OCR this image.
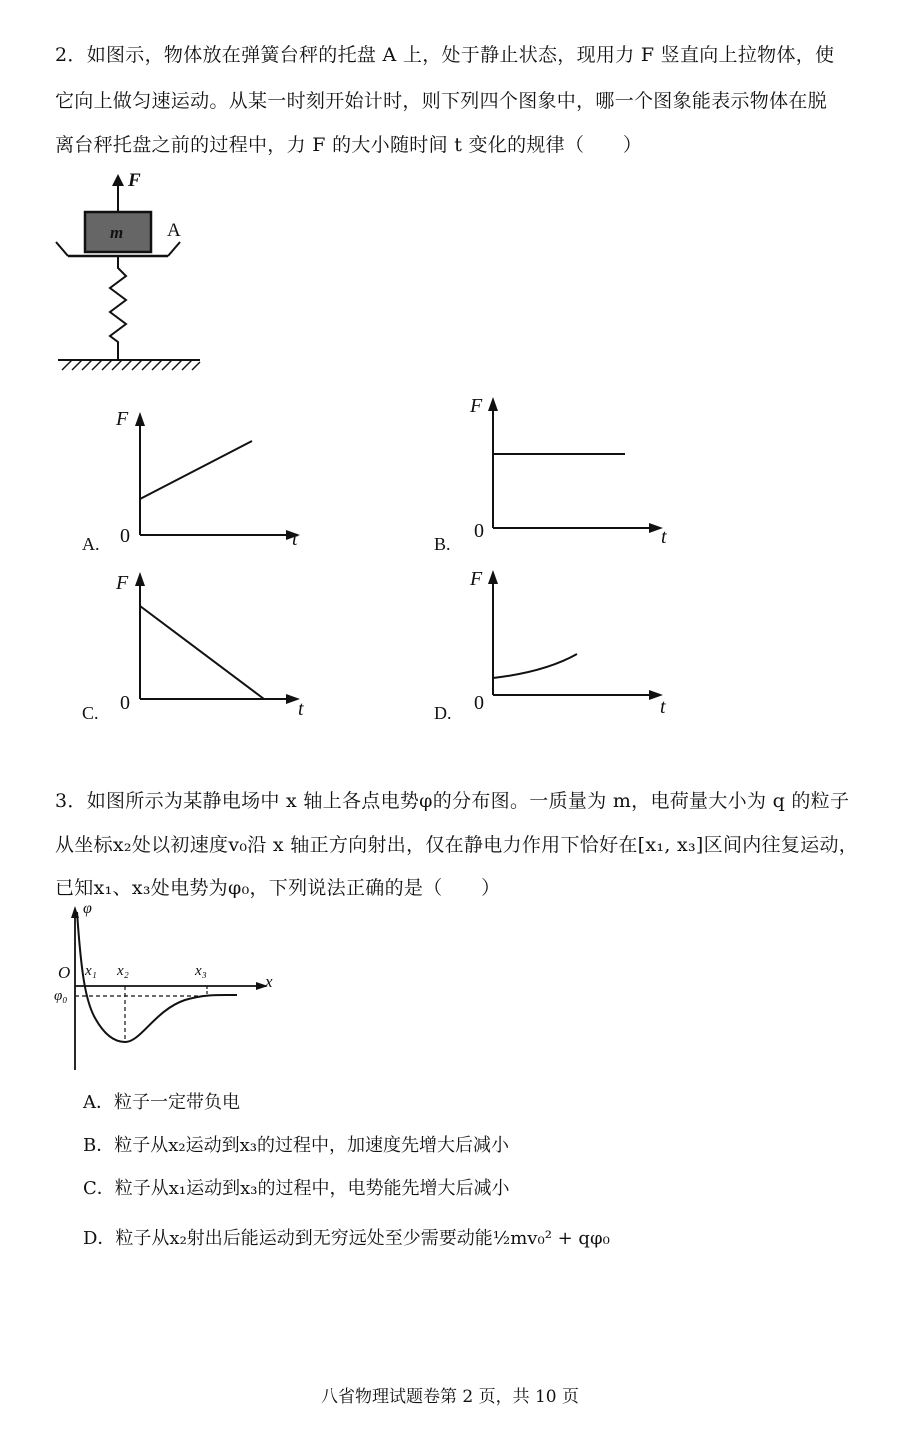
2．如图示，物体放在弹簧台秤的托盘 A 上，处于静止状态，现用力 F 竖直向上拉物体，使
它向上做匀速运动。从某一时刻开始计时，则下列四个图象中，哪一个图象能表示物体在脱
离台秤托盘之前的过程中，力 F 的大小随时间 t 变化的规律（　　）
F
m A
F
t
0
A.
F
t
0
B.
F
t
0
C.
F
t
0
D.
3．如图所示为某静电场中 x 轴上各点电势φ的分布图。一质量为 m，电荷量大小为 q 的粒子
从坐标x₂处以初速度v₀沿 x 轴正方向射出，仅在静电力作用下恰好在[x₁, x₃]区间内往复运动，
已知x₁、x₃处电势为φ₀，下列说法正确的是（　　）
φ
x
O x₁ x₂	x₃
φ₀
A．粒子一定带负电
B．粒子从x₂运动到x₃的过程中，加速度先增大后减小
C．粒子从x₁运动到x₃的过程中，电势能先增大后减小
D．粒子从x₂射出后能运动到无穷远处至少需要动能½mv₀² + qφ₀
八省物理试题卷第 2 页，共 10 页
